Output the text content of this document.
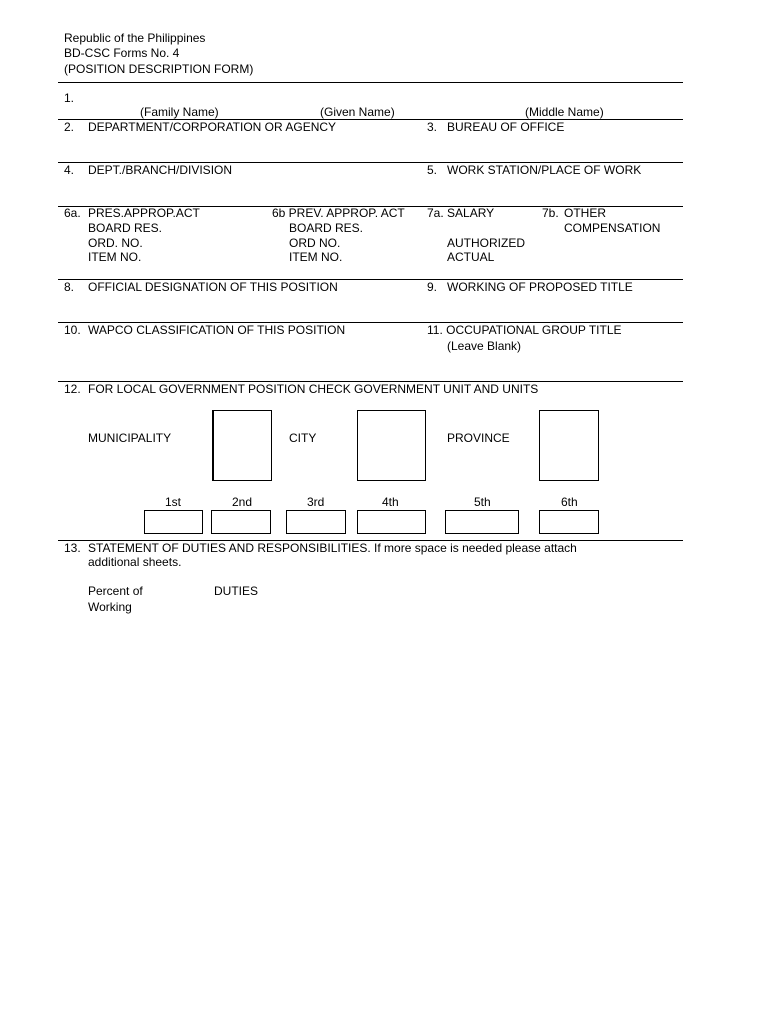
Republic of the Philippines
BD-CSC Forms No. 4
(POSITION DESCRIPTION FORM)
1.
(Family Name)	(Given Name)	(Middle Name)
2. DEPARTMENT/CORPORATION OR AGENCY	3. BUREAU OF OFFICE
4. DEPT./BRANCH/DIVISION	5. WORK STATION/PLACE OF WORK
6a. PRES.APPROP.ACT
BOARD RES.
ORD. NO.
ITEM NO.
6b PREV. APPROP. ACT
BOARD RES.
ORD NO.
ITEM NO.
7a. SALARY
AUTHORIZED
ACTUAL
7b. OTHER
COMPENSATION
8. OFFICIAL DESIGNATION OF THIS POSITION	9. WORKING OF PROPOSED TITLE
10. WAPCO CLASSIFICATION OF THIS POSITION	11. OCCUPATIONAL GROUP TITLE
(Leave Blank)
12. FOR LOCAL GOVERNMENT POSITION CHECK GOVERNMENT UNIT AND UNITS
MUNICIPALITY	CITY	PROVINCE
1st	2nd	3rd	4th	5th	6th
13. STATEMENT OF DUTIES AND RESPONSIBILITIES. If more space is needed please attach
additional sheets.
Percent of
Working
DUTIES
